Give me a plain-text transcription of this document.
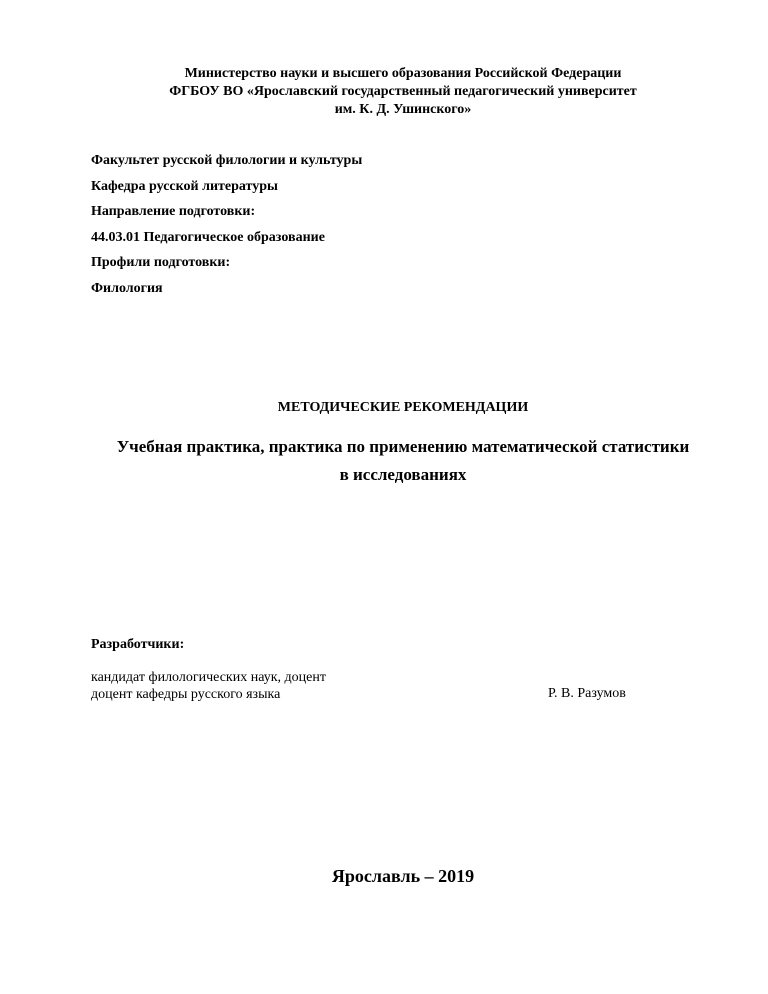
Министерство науки и высшего образования Российской Федерации
ФГБОУ ВО «Ярославский государственный педагогический университет
им. К. Д. Ушинского»
Факультет русской филологии и культуры
Кафедра русской литературы
Направление подготовки:
44.03.01 Педагогическое образование
Профили подготовки:
Филология
МЕТОДИЧЕСКИЕ РЕКОМЕНДАЦИИ
Учебная практика, практика по применению математической статистики
в исследованиях
Разработчики:
кандидат филологических наук, доцент
доцент кафедры русского языка	Р. В. Разумов
Ярославль – 2019
